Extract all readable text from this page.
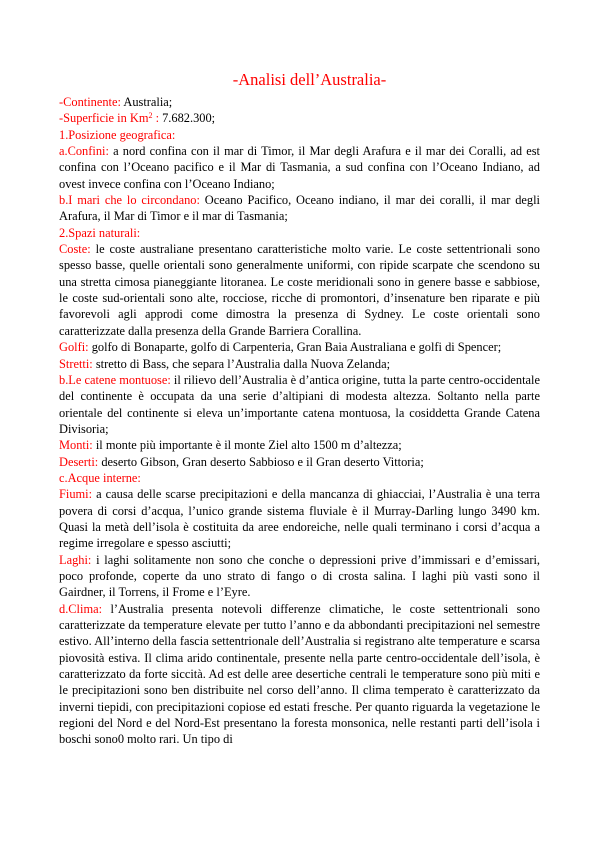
-Analisi dell’Australia-

-Continente: Australia;

-Superficie in Km$^2$ : 7.682.300;

1.Posizione geografica:

a.Confini: a nord confina con il mar di Timor, il Mar degli Arafura e il mar dei Coralli, ad est confina con l’Oceano pacifico e il Mar di Tasmania, a sud confina con l’Oceano Indiano, ad ovest invece confina con l’Oceano Indiano;

b.I mari che lo circondano: Oceano Pacifico, Oceano indiano, il mar dei coralli, il mar degli Arafura, il Mar di Timor e il mar di Tasmania;

2.Spazi naturali:

Coste: le coste australiane presentano caratteristiche molto varie. Le coste settentrionali sono spesso basse, quelle orientali sono generalmente uniformi, con ripide scarpate che scendono su una stretta cimosa pianeggiante litoranea. Le coste meridionali sono in genere basse e sabbiose, le coste sud-orientali sono alte, rocciose, ricche di promontori, d’insenature ben riparate e più favorevoli agli approdi come dimostra la presenza di Sydney. Le coste orientali sono caratterizzate dalla presenza della Grande Barriera Corallina.

Golfi: golfo di Bonaparte, golfo di Carpenteria, Gran Baia Australiana e golfi di Spencer;

Stretti: stretto di Bass, che separa l’Australia dalla Nuova Zelanda;

b.Le catene montuose: il rilievo dell’Australia è d’antica origine, tutta la parte centro-occidentale del continente è occupata da una serie d’altipiani di modesta altezza. Soltanto nella parte orientale del continente si eleva un’importante catena montuosa, la cosiddetta Grande Catena Divisoria;

Monti: il monte più importante è il monte Ziel alto 1500 m d’altezza;

Deserti: deserto Gibson, Gran deserto Sabbioso e il Gran deserto Vittoria;

c.Acque interne:

Fiumi: a causa delle scarse precipitazioni e della mancanza di ghiacciai, l’Australia è una terra povera di corsi d’acqua, l’unico grande sistema fluviale è il Murray-Darling lungo 3490 km. Quasi la metà dell’isola è costituita da aree endoreiche, nelle quali terminano i corsi d’acqua a regime irregolare e spesso asciutti;

Laghi: i laghi solitamente non sono che conche o depressioni prive d’immissari e d’emissari, poco profonde, coperte da uno strato di fango o di crosta salina. I laghi più vasti sono il Gairdner, il Torrens, il Frome e l’Eyre.

d.Clima: l’Australia presenta notevoli differenze climatiche, le coste settentrionali sono caratterizzate da temperature elevate per tutto l’anno e da abbondanti precipitazioni nel semestre estivo. All’interno della fascia settentrionale dell’Australia si registrano alte temperature e scarsa piovosità estiva. Il clima arido continentale, presente nella parte centro-occidentale dell’isola, è caratterizzato da forte siccità. Ad est delle aree desertiche centrali le temperature sono più miti e le precipitazioni sono ben distribuite nel corso dell’anno. Il clima temperato è caratterizzato da inverni tiepidi, con precipitazioni copiose ed estati fresche. Per quanto riguarda la vegetazione le regioni del Nord e del Nord-Est presentano la foresta monsonica, nelle restanti parti dell’isola i boschi sono0 molto rari. Un tipo di
